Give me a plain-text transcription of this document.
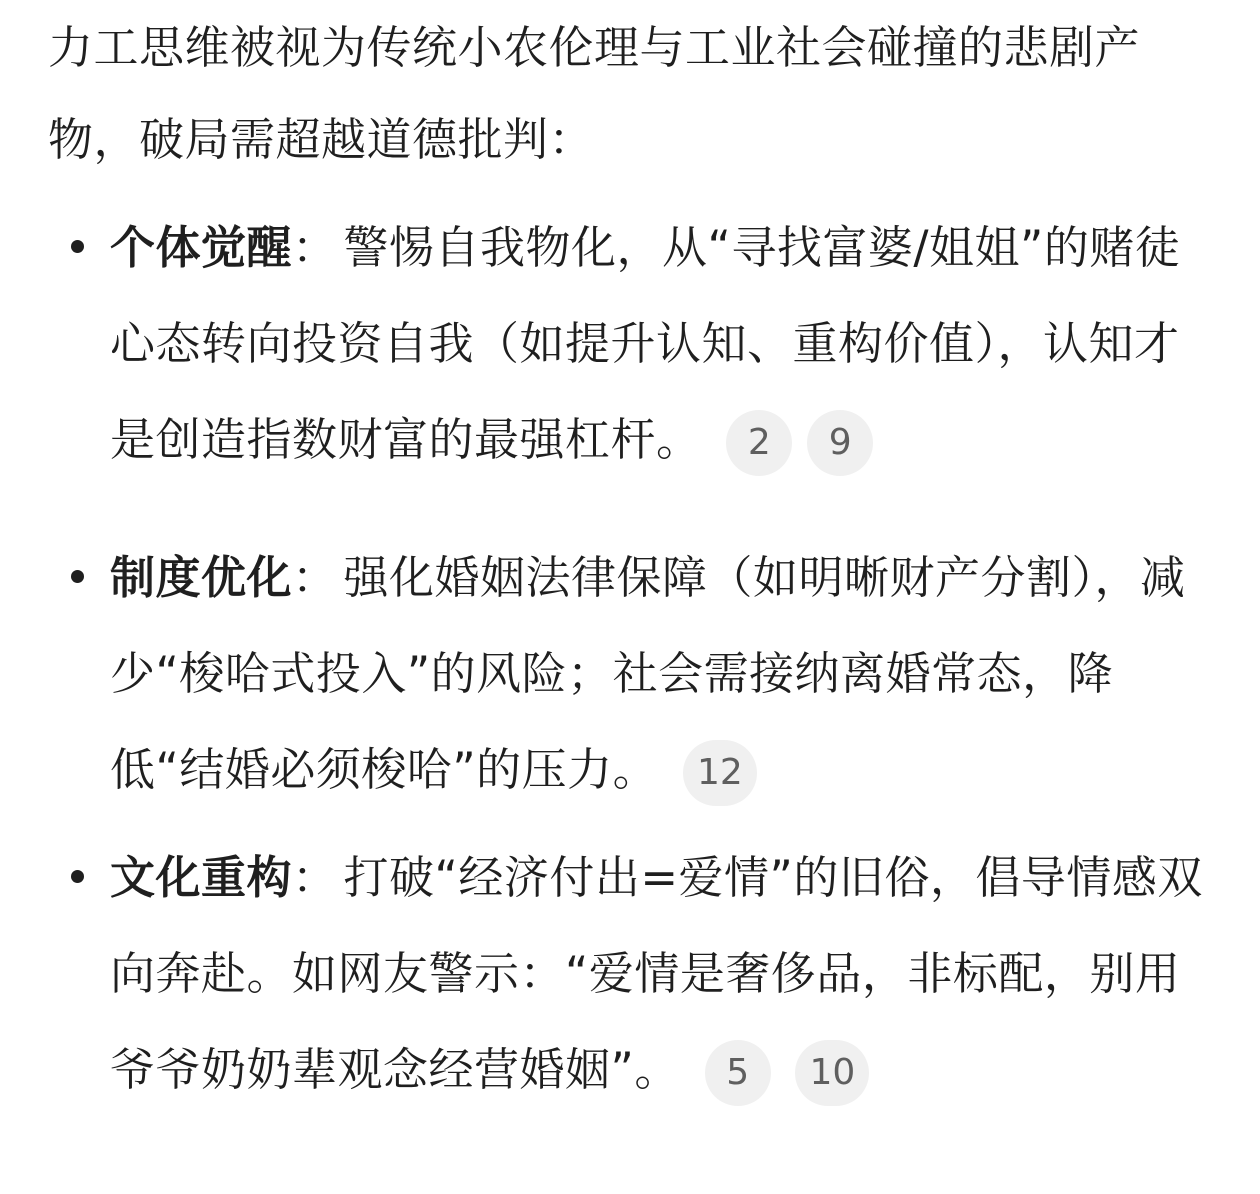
力工思维被视为传统小农伦理与工业社会碰撞的悲剧产物，破局需超越道德批判：

个体觉醒： 警惕自我物化，从“寻找富婆/姐姐”的赌徒心态转向投资自我（如提升认知、重构价值），认知才是创造指数财富的最强杠杆。 2 9
制度优化： 强化婚姻法律保障（如明晰财产分割），减少“梭哈式投入”的风险；社会需接纳离婚常态，降低“结婚必须梭哈”的压力。 12
文化重构： 打破“经济付出=爱情”的旧俗，倡导情感双向奔赴。如网友警示：“爱情是奢侈品，非标配，别用爷爷奶奶辈观念经营婚姻”。 5 10
